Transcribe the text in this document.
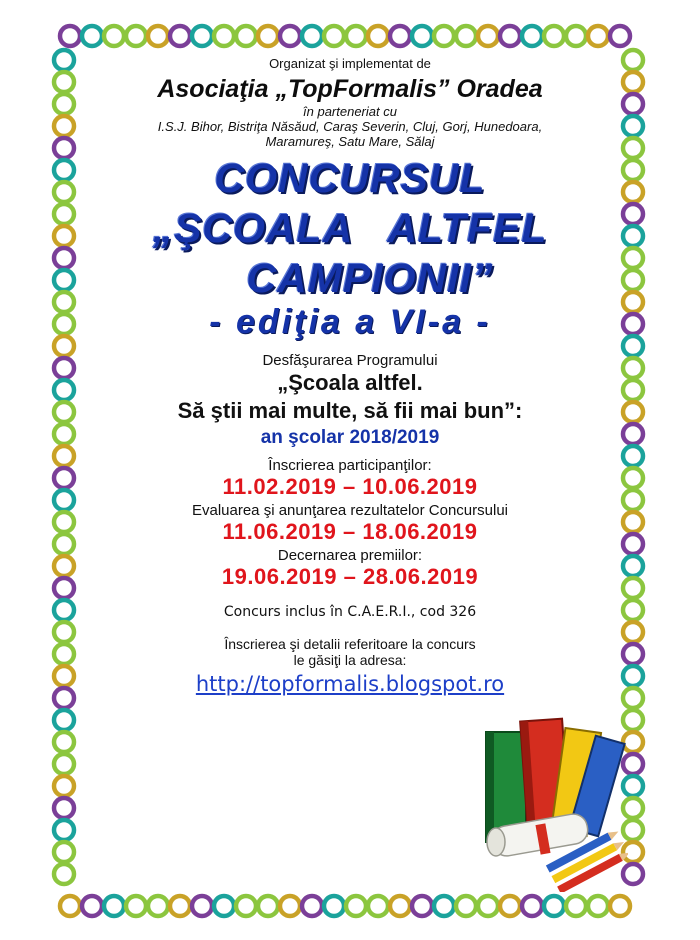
Organizat şi implementat de
Asociaţia „TopFormalis” Oradea
în parteneriat cu
I.S.J. Bihor, Bistriţa Năsăud, Caraş Severin, Cluj, Gorj, Hunedoara,
Maramureş, Satu Mare, Sălaj
CONCURSUL
„ŞCOALA   ALTFEL
CAMPIONII”
- ediţia a VI-a -
Desfăşurarea Programului
„Şcoala altfel.
Să ştii mai multe, să fii mai bun”:
an şcolar 2018/2019
Înscrierea participanţilor:
11.02.2019 – 10.06.2019
Evaluarea şi anunţarea rezultatelor Concursului
11.06.2019 – 18.06.2019
Decernarea premiilor:
19.06.2019 – 28.06.2019
Concurs inclus în C.A.E.R.I., cod 326
Înscrierea şi detalii referitoare la concurs
le găsiţi la adresa:
http://topformalis.blogspot.ro
